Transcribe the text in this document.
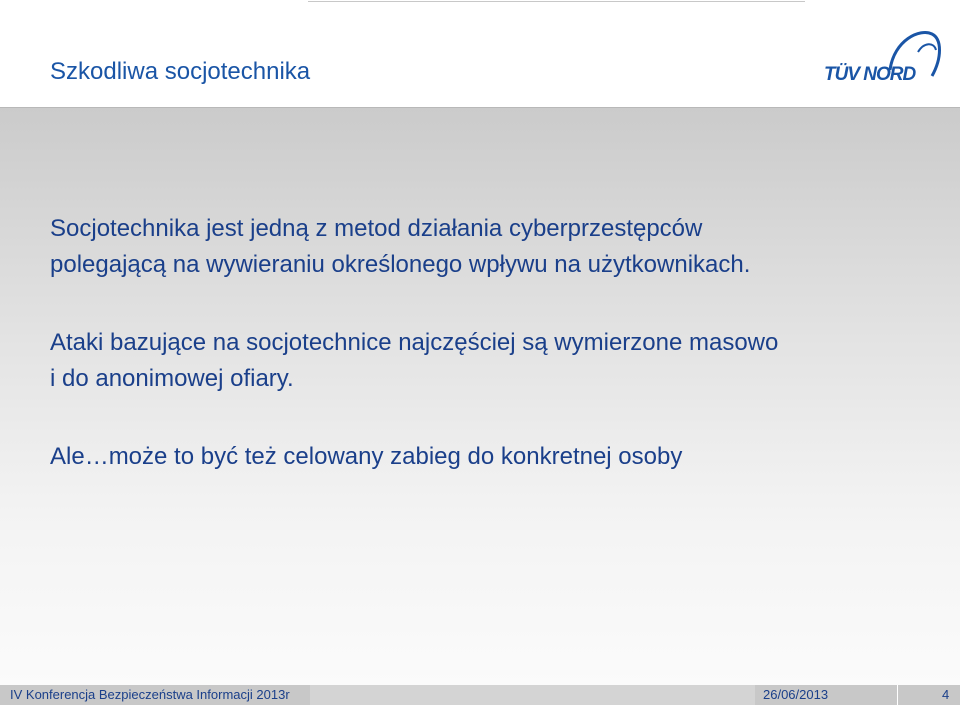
Szkodliwa socjotechnika	TÜV NORD

Socjotechnika jest jedną z metod działania cyberprzestępców
polegającą na wywieraniu określonego wpływu na użytkownikach.

Ataki bazujące na socjotechnice najczęściej są wymierzone masowo
i do anonimowej ofiary.

Ale…może to być też celowany zabieg do konkretnej osoby

IV Konferencja Bezpieczeństwa Informacji 2013r	26/06/2013	4
